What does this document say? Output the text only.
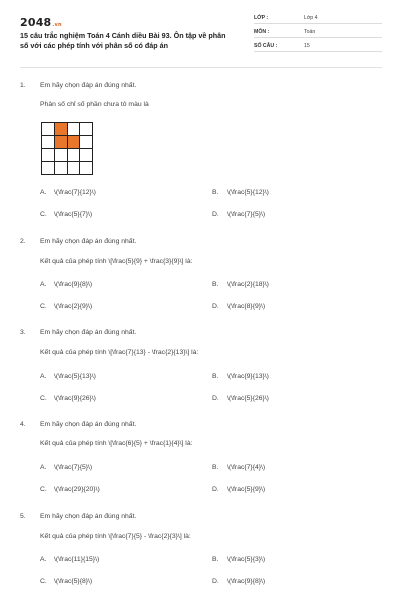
2048.vn
15 câu trắc nghiệm Toán 4 Cánh diều Bài 93. Ôn tập về phân số với các phép tính với phân số có đáp án
LỚP :	Lớp 4
MÔN :	Toán
SỐ CÂU :	15
1. Em hãy chọn đáp án đúng nhất.
Phân số chỉ số phần chưa tô màu là

A. \(\frac{7}{12}\)	B. \(\frac{5}{12}\)
C. \(\frac{5}{7}\)	D. \(\frac{7}{5}\)
2. Em hãy chọn đáp án đúng nhất.
Kết quả của phép tính \[\frac{5}{9} + \frac{3}{9}\] là:
A. \(\frac{9}{8}\)	B. \(\frac{2}{18}\)
C. \(\frac{2}{9}\)	D. \(\frac{8}{9}\)
3. Em hãy chọn đáp án đúng nhất.
Kết quả của phép tính \[\frac{7}{13} - \frac{2}{13}\] là:
A. \(\frac{5}{13}\)	B. \(\frac{9}{13}\)
C. \(\frac{9}{26}\)	D. \(\frac{5}{26}\)
4. Em hãy chọn đáp án đúng nhất.
Kết quả của phép tính \[\frac{6}{5} + \frac{1}{4}\] là:
A. \(\frac{7}{5}\)	B. \(\frac{7}{4}\)
C. \(\frac{29}{20}\)	D. \(\frac{5}{9}\)
5. Em hãy chọn đáp án đúng nhất.
Kết quả của phép tính \[\frac{7}{5} - \frac{2}{3}\] là:
A. \(\frac{11}{15}\)	B. \(\frac{5}{3}\)
C. \(\frac{5}{8}\)	D. \(\frac{9}{8}\)
